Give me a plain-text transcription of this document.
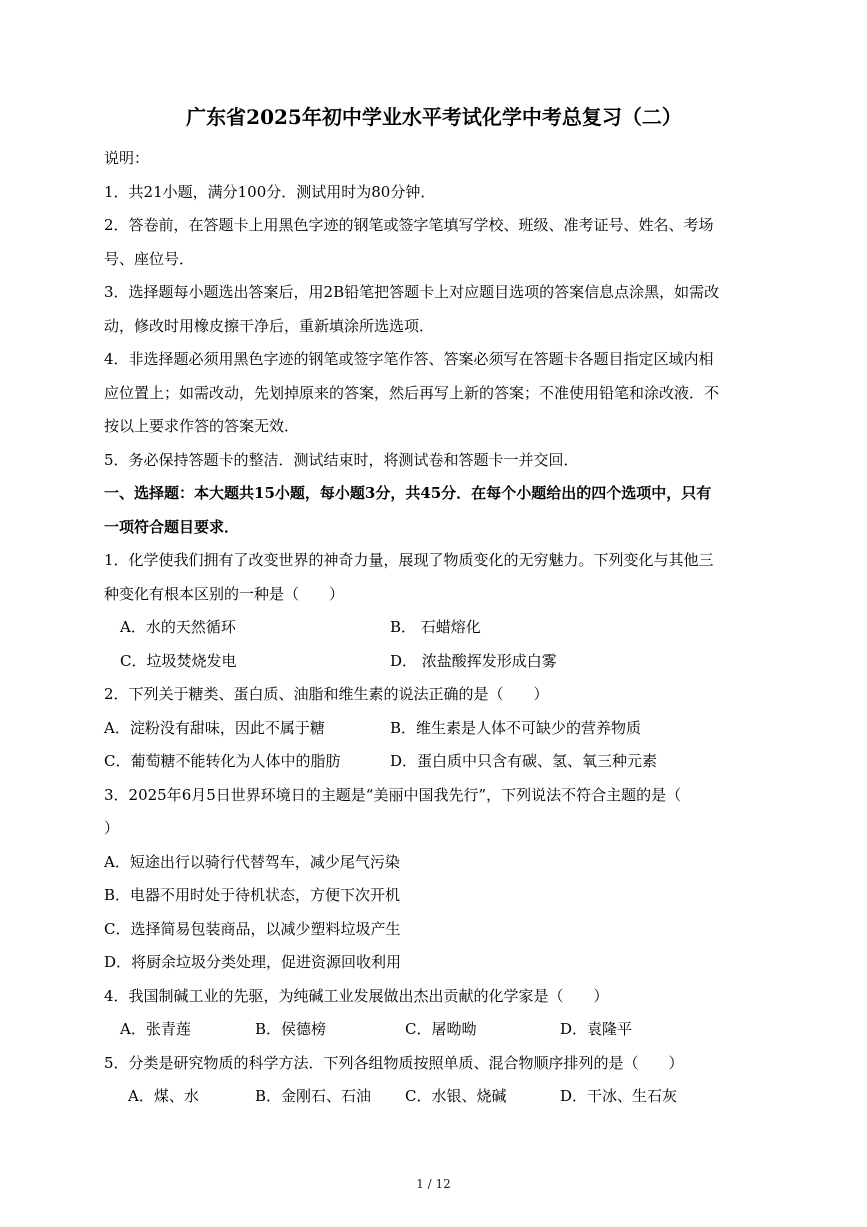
广东省2025年初中学业水平考试化学中考总复习（二）
说明：
1．共21小题，满分100分．测试用时为80分钟．
2．答卷前，在答题卡上用黑色字迹的钢笔或签字笔填写学校、班级、准考证号、姓名、考场
号、座位号．
3．选择题每小题选出答案后，用2B铅笔把答题卡上对应题目选项的答案信息点涂黑，如需改
动，修改时用橡皮擦干净后，重新填涂所选选项．
4．非选择题必须用黑色字迹的钢笔或签字笔作答、答案必须写在答题卡各题目指定区域内相
应位置上；如需改动，先划掉原来的答案，然后再写上新的答案；不准使用铅笔和涂改液．不
按以上要求作答的答案无效．
5．务必保持答题卡的整洁．测试结束时，将测试卷和答题卡一并交回．
一、选择题：本大题共15小题，每小题3分，共45分．在每个小题给出的四个选项中，只有
一项符合题目要求．
1．化学使我们拥有了改变世界的神奇力量，展现了物质变化的无穷魅力。下列变化与其他三
种变化有根本区别的一种是（　　）
A．水的天然循环	B． 石蜡熔化
C．垃圾焚烧发电	D． 浓盐酸挥发形成白雾
2．下列关于糖类、蛋白质、油脂和维生素的说法正确的是（　　）
A．淀粉没有甜味，因此不属于糖	B．维生素是人体不可缺少的营养物质
C．葡萄糖不能转化为人体中的脂肪	D．蛋白质中只含有碳、氢、氧三种元素
3．2025年6月5日世界环境日的主题是“美丽中国我先行”，下列说法不符合主题的是（
）
A．短途出行以骑行代替驾车，减少尾气污染
B．电器不用时处于待机状态，方便下次开机
C．选择简易包装商品，以减少塑料垃圾产生
D．将厨余垃圾分类处理，促进资源回收利用
4．我国制碱工业的先驱，为纯碱工业发展做出杰出贡献的化学家是（　　）
A．张青莲	B．侯德榜	C．屠呦呦	D．袁隆平
5．分类是研究物质的科学方法．下列各组物质按照单质、混合物顺序排列的是（　　）
A．煤、水	B．金刚石、石油	C．水银、烧碱	D．干冰、生石灰
1 / 12
